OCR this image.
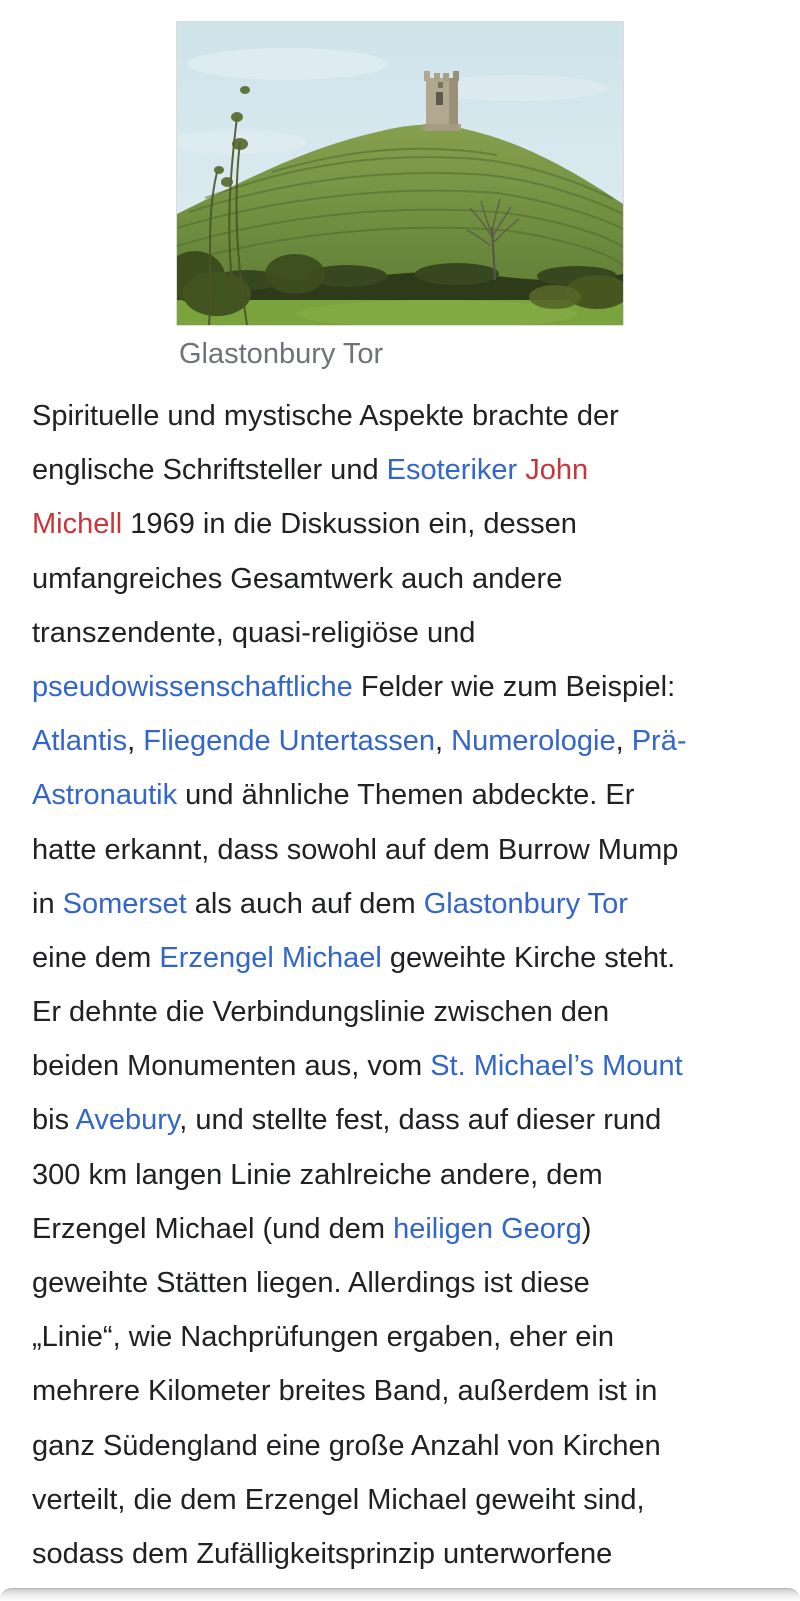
Glastonbury Tor
Spirituelle und mystische Aspekte brachte der
englische Schriftsteller und Esoteriker John
Michell 1969 in die Diskussion ein, dessen
umfangreiches Gesamtwerk auch andere
transzendente, quasi-religiöse und
pseudowissenschaftliche Felder wie zum Beispiel:
Atlantis, Fliegende Untertassen, Numerologie, Prä-
Astronautik und ähnliche Themen abdeckte. Er
hatte erkannt, dass sowohl auf dem Burrow Mump
in Somerset als auch auf dem Glastonbury Tor
eine dem Erzengel Michael geweihte Kirche steht.
Er dehnte die Verbindungslinie zwischen den
beiden Monumenten aus, vom St. Michael’s Mount
bis Avebury, und stellte fest, dass auf dieser rund
300 km langen Linie zahlreiche andere, dem
Erzengel Michael (und dem heiligen Georg)
geweihte Stätten liegen. Allerdings ist diese
„Linie“, wie Nachprüfungen ergaben, eher ein
mehrere Kilometer breites Band, außerdem ist in
ganz Südengland eine große Anzahl von Kirchen
verteilt, die dem Erzengel Michael geweiht sind,
sodass dem Zufälligkeitsprinzip unterworfene
